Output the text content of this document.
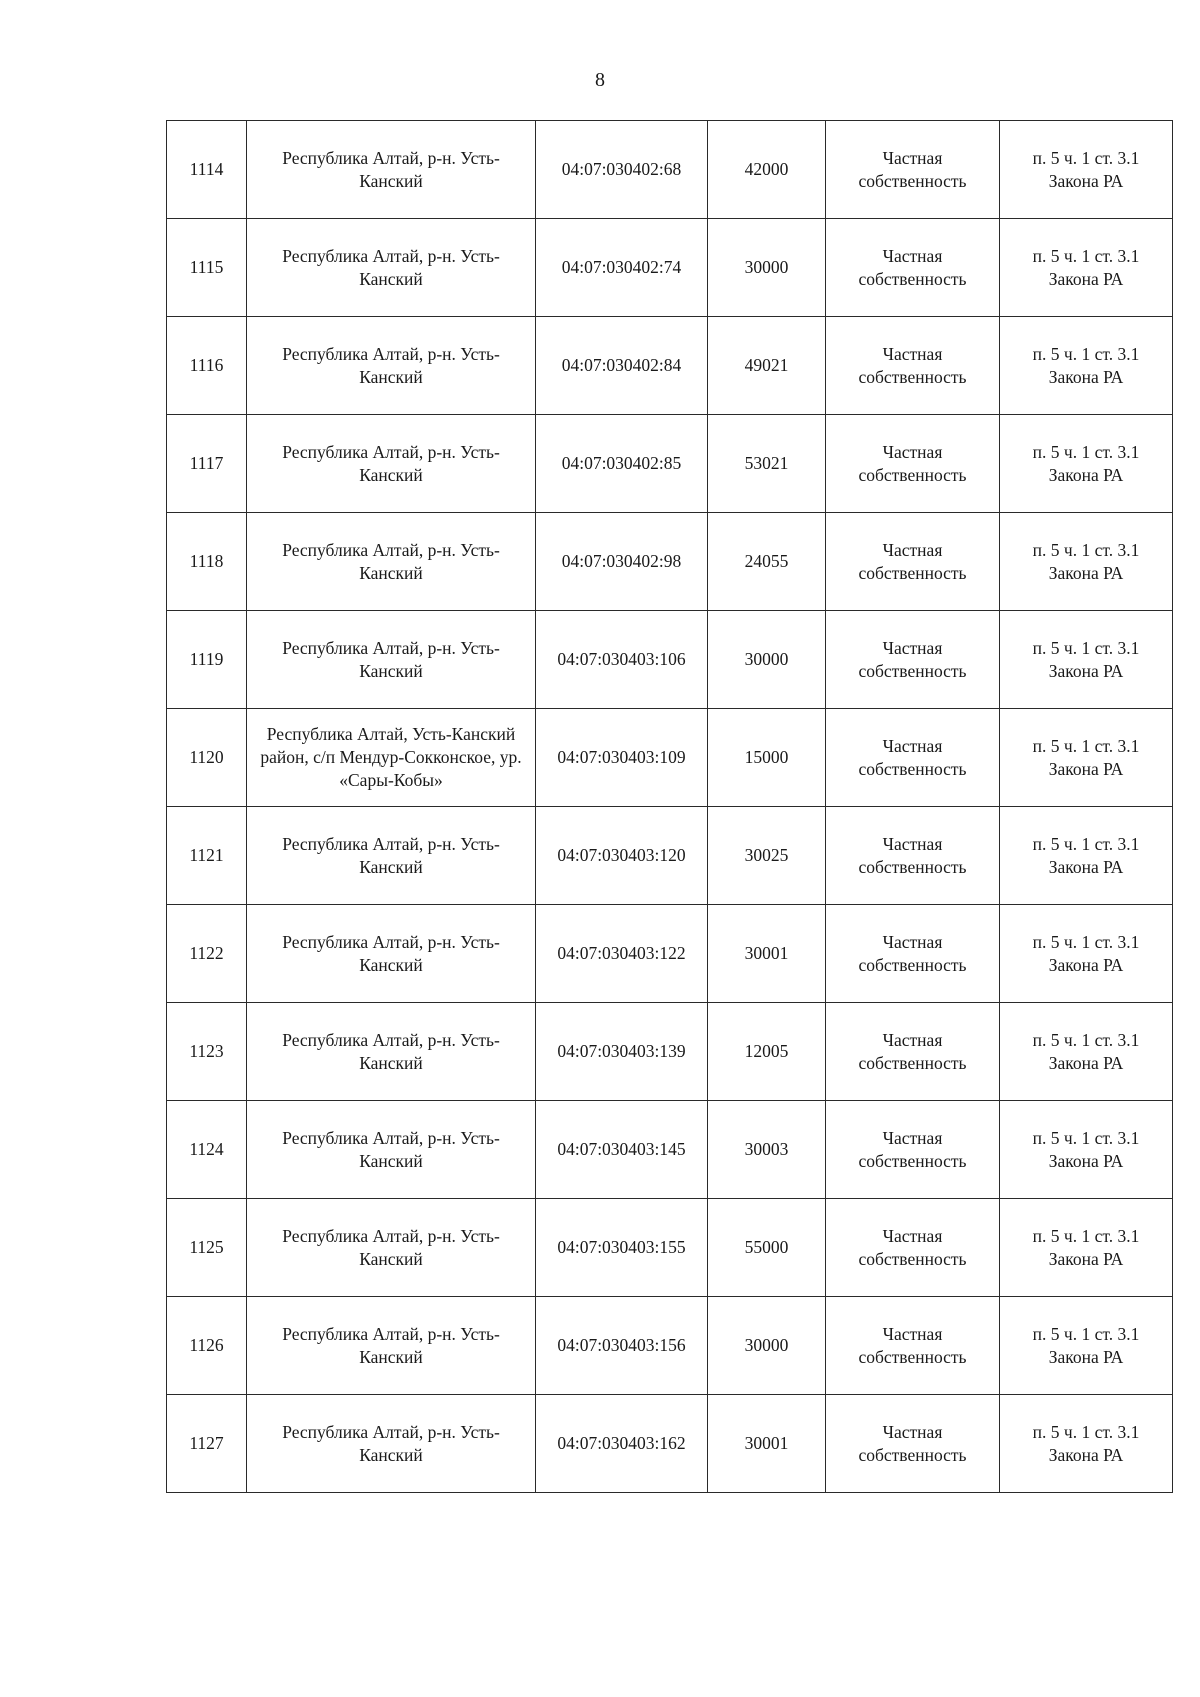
8
1114	Республика Алтай, р-н. Усть-Канский	04:07:030402:68	42000	Частная собственность	п. 5 ч. 1 ст. 3.1 Закона РА
1115	Республика Алтай, р-н. Усть-Канский	04:07:030402:74	30000	Частная собственность	п. 5 ч. 1 ст. 3.1 Закона РА
1116	Республика Алтай, р-н. Усть-Канский	04:07:030402:84	49021	Частная собственность	п. 5 ч. 1 ст. 3.1 Закона РА
1117	Республика Алтай, р-н. Усть-Канский	04:07:030402:85	53021	Частная собственность	п. 5 ч. 1 ст. 3.1 Закона РА
1118	Республика Алтай, р-н. Усть-Канский	04:07:030402:98	24055	Частная собственность	п. 5 ч. 1 ст. 3.1 Закона РА
1119	Республика Алтай, р-н. Усть-Канский	04:07:030403:106	30000	Частная собственность	п. 5 ч. 1 ст. 3.1 Закона РА
1120	Республика Алтай, Усть-Канский район, с/п Мендур-Сокконское, ур. «Сары-Кобы»	04:07:030403:109	15000	Частная собственность	п. 5 ч. 1 ст. 3.1 Закона РА
1121	Республика Алтай, р-н. Усть-Канский	04:07:030403:120	30025	Частная собственность	п. 5 ч. 1 ст. 3.1 Закона РА
1122	Республика Алтай, р-н. Усть-Канский	04:07:030403:122	30001	Частная собственность	п. 5 ч. 1 ст. 3.1 Закона РА
1123	Республика Алтай, р-н. Усть-Канский	04:07:030403:139	12005	Частная собственность	п. 5 ч. 1 ст. 3.1 Закона РА
1124	Республика Алтай, р-н. Усть-Канский	04:07:030403:145	30003	Частная собственность	п. 5 ч. 1 ст. 3.1 Закона РА
1125	Республика Алтай, р-н. Усть-Канский	04:07:030403:155	55000	Частная собственность	п. 5 ч. 1 ст. 3.1 Закона РА
1126	Республика Алтай, р-н. Усть-Канский	04:07:030403:156	30000	Частная собственность	п. 5 ч. 1 ст. 3.1 Закона РА
1127	Республика Алтай, р-н. Усть-Канский	04:07:030403:162	30001	Частная собственность	п. 5 ч. 1 ст. 3.1 Закона РА
